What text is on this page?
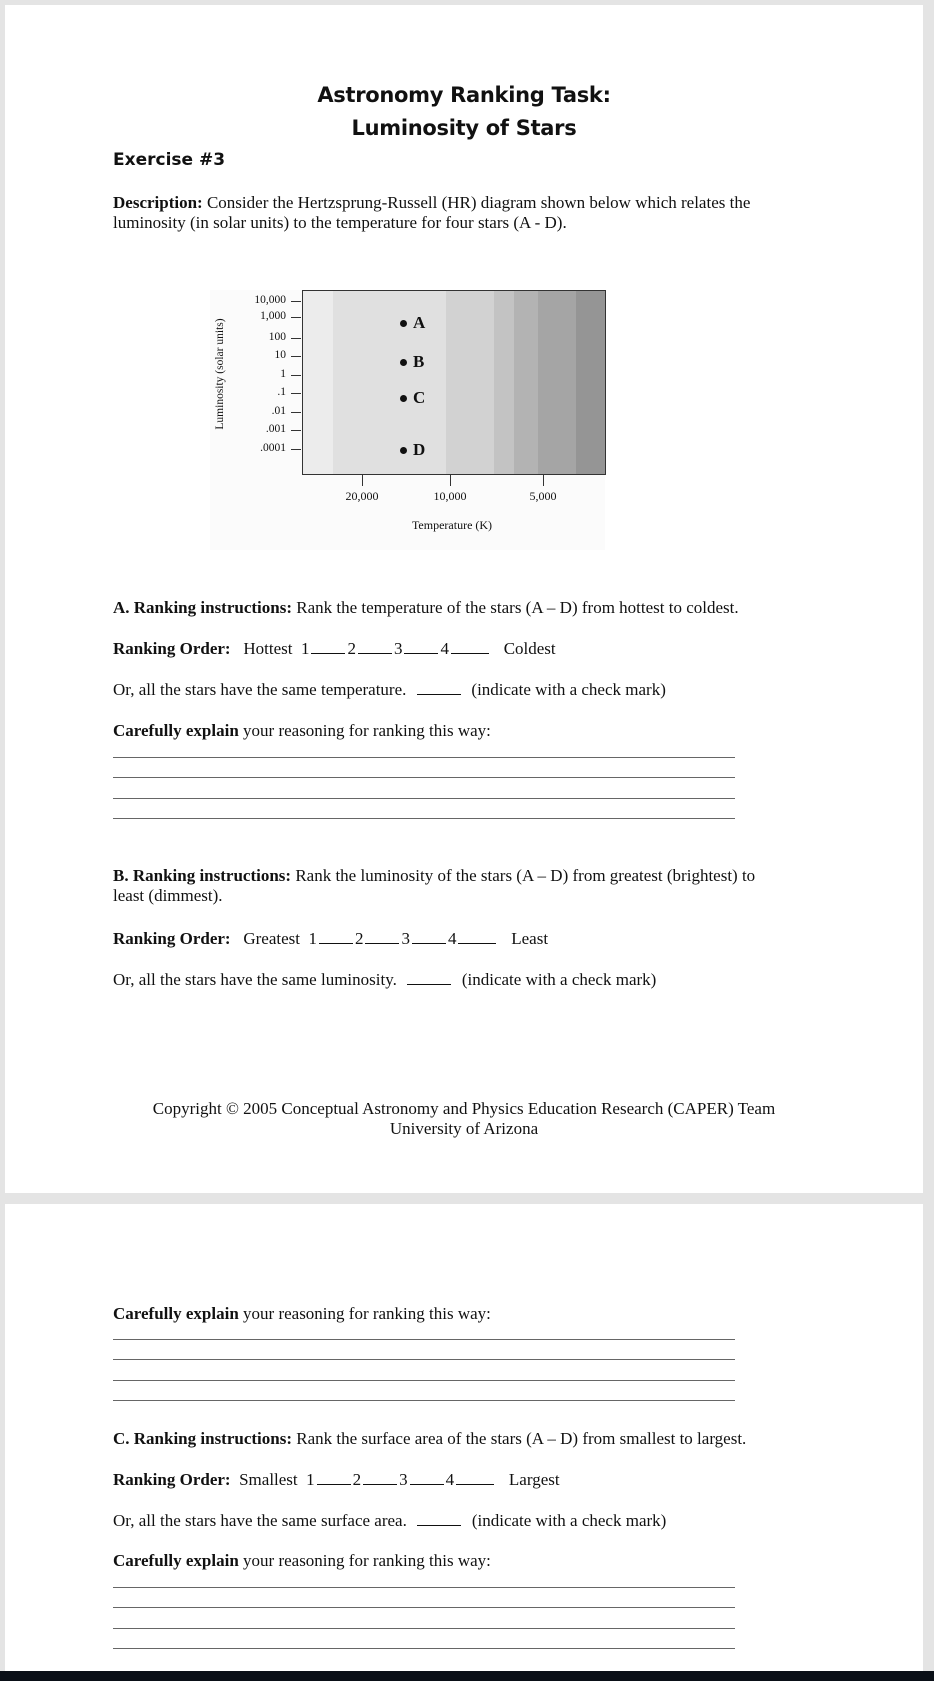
Astronomy Ranking Task:
Luminosity of Stars
Exercise #3
Description: Consider the Hertzsprung-Russell (HR) diagram shown below which relates the
luminosity (in solar units) to the temperature for four stars (A - D).
Luminosity (solar units)
10,000
1,000
100
10
1
.1
.01
.001
.0001
20,000	10,000	5,000
Temperature (K)
A
B
C
D
A. Ranking instructions: Rank the temperature of the stars (A – D) from hottest to coldest.
Ranking Order: Hottest 1 2 3 4	Coldest
Or, all the stars have the same temperature.	(indicate with a check mark)
Carefully explain your reasoning for ranking this way:
B. Ranking instructions: Rank the luminosity of the stars (A – D) from greatest (brightest) to
least (dimmest).
Ranking Order: Greatest 1 2 3 4	Least
Or, all the stars have the same luminosity.	(indicate with a check mark)
Copyright © 2005 Conceptual Astronomy and Physics Education Research (CAPER) Team
University of Arizona
Carefully explain your reasoning for ranking this way:
C. Ranking instructions: Rank the surface area of the stars (A – D) from smallest to largest.
Ranking Order: Smallest 1 2 3 4	Largest
Or, all the stars have the same surface area.	(indicate with a check mark)
Carefully explain your reasoning for ranking this way:
